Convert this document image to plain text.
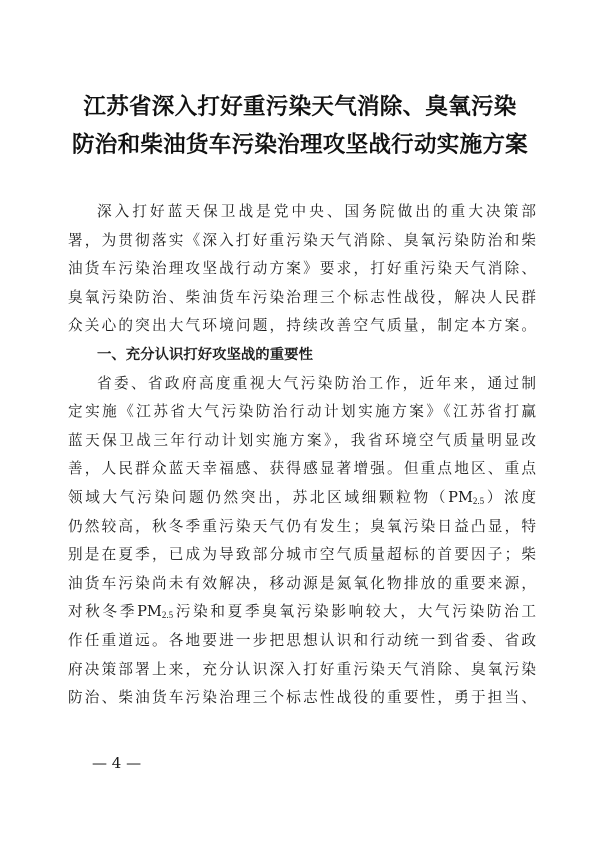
江苏省深入打好重污染天气消除、臭氧污染
防治和柴油货车污染治理攻坚战行动实施方案
深入打好蓝天保卫战是党中央、国务院做出的重大决策部
署，为贯彻落实《深入打好重污染天气消除、臭氧污染防治和柴
油货车污染治理攻坚战行动方案》要求，打好重污染天气消除、
臭氧污染防治、柴油货车污染治理三个标志性战役，解决人民群
众关心的突出大气环境问题，持续改善空气质量，制定本方案。
一、充分认识打好攻坚战的重要性
省委、省政府高度重视大气污染防治工作，近年来，通过制
定实施《江苏省大气污染防治行动计划实施方案》《江苏省打赢
蓝天保卫战三年行动计划实施方案》，我省环境空气质量明显改
善，人民群众蓝天幸福感、获得感显著增强。但重点地区、重点
领域大气污染问题仍然突出，苏北区域细颗粒物$(PM_{2.5})$浓度
仍然较高，秋冬季重污染天气仍有发生；臭氧污染日益凸显，特
别是在夏季，已成为导致部分城市空气质量超标的首要因子；柴
油货车污染尚未有效解决，移动源是氮氧化物排放的重要来源，
对秋冬季$PM_{2.5}$污染和夏季臭氧污染影响较大，大气污染防治工
作任重道远。各地要进一步把思想认识和行动统一到省委、省政
府决策部署上来，充分认识深入打好重污染天气消除、臭氧污染
防治、柴油货车污染治理三个标志性战役的重要性，勇于担当、
— 4 —
